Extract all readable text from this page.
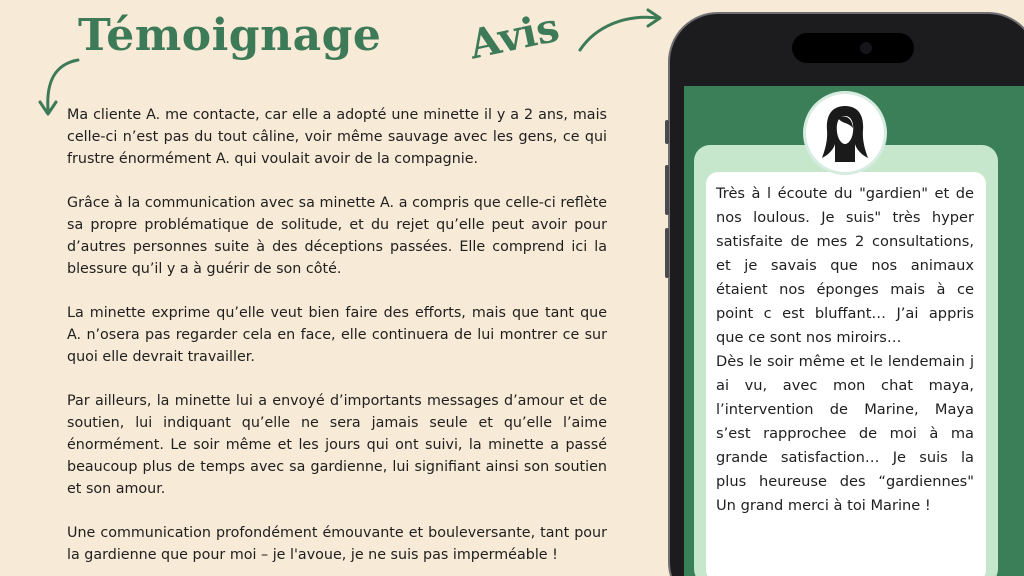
Témoignage Avis

Ma cliente A. me contacte, car elle a adopté une minette il y a 2 ans, mais celle-ci n’est pas du tout câline, voir même sauvage avec les gens, ce qui frustre énormément A. qui voulait avoir de la compagnie.

Grâce à la communication avec sa minette A. a compris que celle-ci reflète sa propre problématique de solitude, et du rejet qu’elle peut avoir pour d’autres personnes suite à des déceptions passées. Elle comprend ici la blessure qu’il y a à guérir de son côté.

La minette exprime qu’elle veut bien faire des efforts, mais que tant que A. n’osera pas regarder cela en face, elle continuera de lui montrer ce sur quoi elle devrait travailler.

Par ailleurs, la minette lui a envoyé d’importants messages d’amour et de soutien, lui indiquant qu’elle ne sera jamais seule et qu’elle l’aime énormément. Le soir même et les jours qui ont suivi, la minette a passé beaucoup plus de temps avec sa gardienne, lui signifiant ainsi son soutien et son amour.

Une communication profondément émouvante et bouleversante, tant pour la gardienne que pour moi – je l'avoue, je ne suis pas imperméable !

Très à l écoute du "gardien" et de nos loulous. Je suis" très hyper satisfaite de mes 2 consultations, et je savais que nos animaux étaient nos éponges mais à ce point c est bluffant… J’ai appris que ce sont nos miroirs…

Dès le soir même et le lendemain j ai vu, avec mon chat maya, l’intervention de Marine, Maya s’est rapprochee de moi à ma grande satisfaction… Je suis la plus heureuse des “gardiennes" Un grand merci à toi Marine !
